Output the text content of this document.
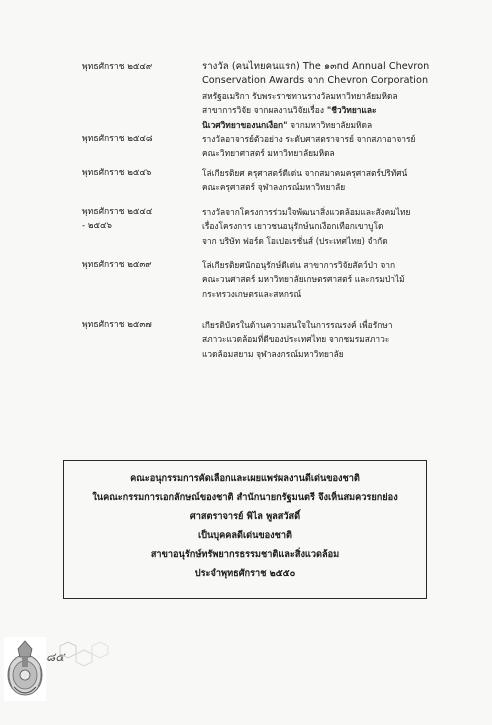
พุทธศักราช ๒๕๔๙	รางวัล (คนไทยคนแรก) The ๑๓nd Annual Chevron
Conservation Awards จาก Chevron Corporation
สหรัฐอเมริกา รับพระราชทานรางวัลมหาวิทยาลัยมหิดล
สาขาการวิจัย จากผลงานวิจัยเรื่อง "ชีววิทยาและ
นิเวศวิทยาของนกเงือก" จากมหาวิทยาลัยมหิดล
พุทธศักราช ๒๕๔๘	รางวัลอาจารย์ตัวอย่าง ระดับศาสตราจารย์ จากสภาอาจารย์
คณะวิทยาศาสตร์ มหาวิทยาลัยมหิดล
พุทธศักราช ๒๕๔๖	โล่เกียรติยศ ครุศาสตร์ดีเด่น จากสมาคมครุศาสตร์ปริทัศน์
คณะครุศาสตร์ จุฬาลงกรณ์มหาวิทยาลัย
พุทธศักราช ๒๕๔๔
- ๒๕๔๖
รางวัลจากโครงการร่วมใจพัฒนาสิ่งแวดล้อมและสังคมไทย
เรื่องโครงการ เยาวชนอนุรักษ์นกเงือกเทือกเขาบูโด
จาก บริษัท ฟอร์ด โอเปอเรชั่นส์ (ประเทศไทย) จำกัด
พุทธศักราช ๒๕๓๙	โล่เกียรติยศนักอนุรักษ์ดีเด่น สาขาการวิจัยสัตว์ป่า จาก
คณะวนศาสตร์ มหาวิทยาลัยเกษตรศาสตร์ และกรมป่าไม้
กระทรวงเกษตรและสหกรณ์
พุทธศักราช ๒๕๓๗	เกียรติบัตรในด้านความสนใจในการรณรงค์ เพื่อรักษา
สภาวะแวดล้อมที่ดีของประเทศไทย จากชมรมสภาวะ
แวดล้อมสยาม จุฬาลงกรณ์มหาวิทยาลัย
คณะอนุกรรมการคัดเลือกและเผยแพร่ผลงานดีเด่นของชาติ
ในคณะกรรมการเอกลักษณ์ของชาติ สำนักนายกรัฐมนตรี จึงเห็นสมควรยกย่อง
ศาสตราจารย์ พิไล พูลสวัสดิ์
เป็นบุคคลดีเด่นของชาติ
สาขาอนุรักษ์ทรัพยากรธรรมชาติและสิ่งแวดล้อม
ประจำพุทธศักราช ๒๕๕๐
๘๕
